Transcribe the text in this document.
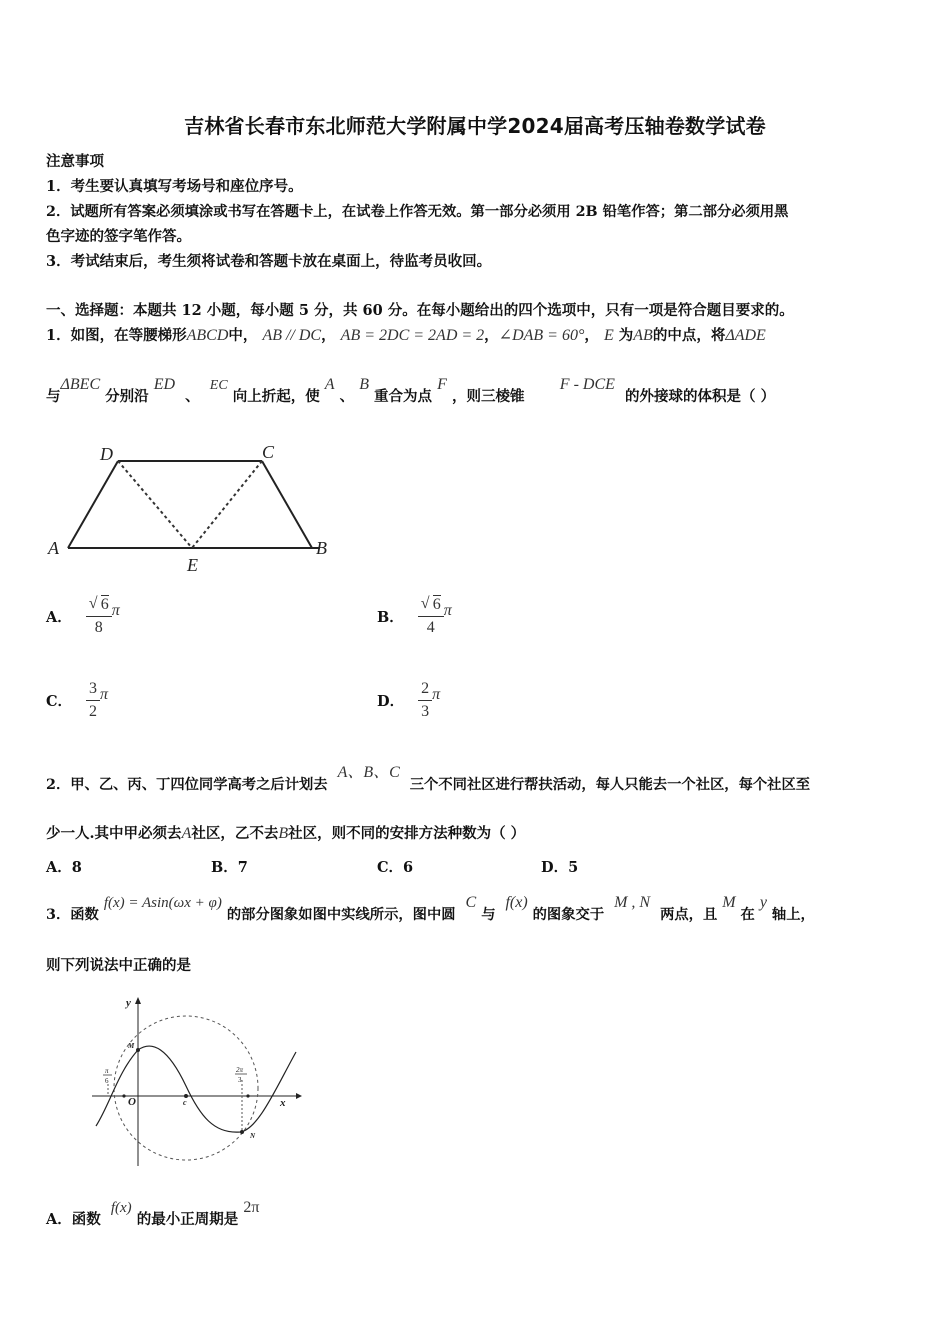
吉林省长春市东北师范大学附属中学2024届高考压轴卷数学试卷
注意事项
1．考生要认真填写考场号和座位序号。
2．试题所有答案必须填涂或书写在答题卡上，在试卷上作答无效。第一部分必须用 2B 铅笔作答；第二部分必须用黑
色字迹的签字笔作答。
3．考试结束后，考生须将试卷和答题卡放在桌面上，待监考员收回。
一、选择题：本题共 12 小题，每小题 5 分，共 60 分。在每小题给出的四个选项中，只有一项是符合题目要求的。
1．如图，在等腰梯形ABCD中， AB // DC， AB = 2DC = 2AD = 2，∠DAB = 60°， E 为AB的中点，将ΔADE
与ΔBEC 分别沿 ED  、  EC 向上折起，使 A 、 B 重合为点 F ，则三棱锥       F - DCE  的外接球的体积是（ ）
A	B
C
D
E
A． √ $\frac{6}{8}$ π	B． √ $\frac{6}{4}$ π
C． $\frac{3}{2}$ π	D． $\frac{2}{3}$ π
2．甲、乙、丙、丁四位同学高考之后计划去  A、B、C  三个不同社区进行帮扶活动，每人只能去一个社区，每个社区至
少一人.其中甲必须去A社区，乙不去B社区，则不同的安排方法种数为（ ）
A．8	B．7	C．6	D．5
3．函数 f(x) = Asin(ωx + φ) 的部分图象如图中实线所示，图中圆  C 与  f(x) 的图象交于  M , N  两点，且 M 在 y 轴上，
则下列说法中正确的是
y
x
O
M
N
c
π
6
2π
3
A．函数  f(x) 的最小正周期是 2π
